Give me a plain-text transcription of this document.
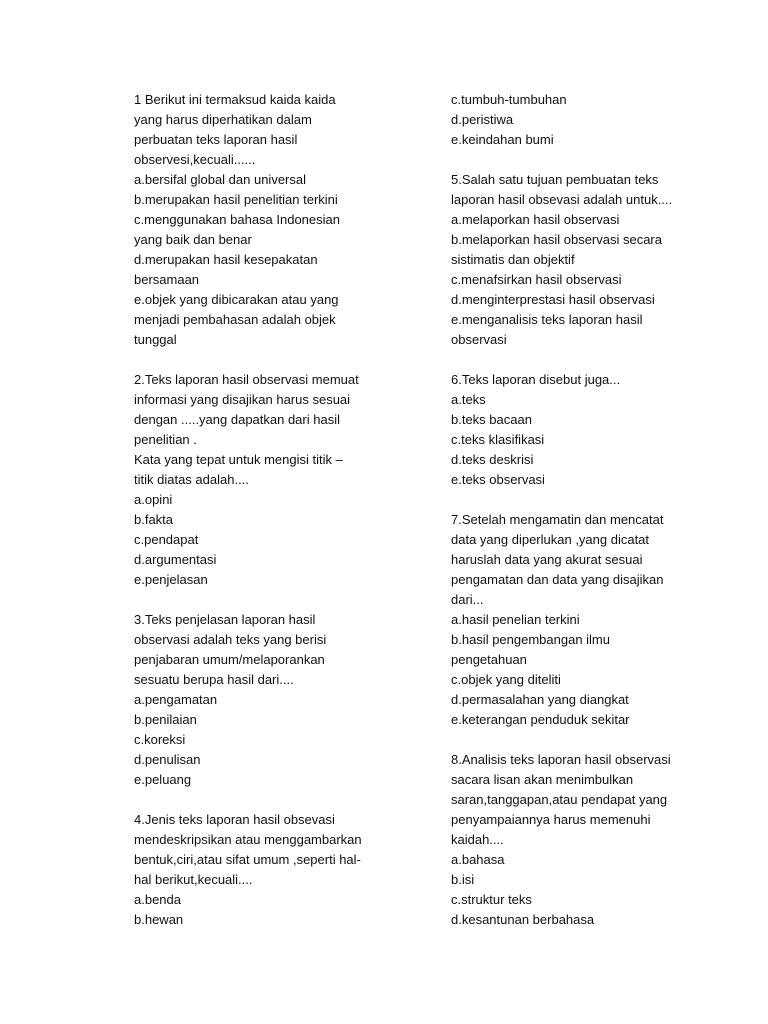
1 Berikut ini termaksud kaida kaida
yang harus diperhatikan dalam
perbuatan teks laporan hasil
observesi,kecuali......
a.bersifal global dan universal
b.merupakan hasil penelitian terkini
c.menggunakan bahasa Indonesian
yang baik dan benar
d.merupakan hasil kesepakatan
bersamaan
e.objek yang dibicarakan atau yang
menjadi pembahasan adalah objek
tunggal
2.Teks laporan hasil observasi memuat
informasi yang disajikan harus sesuai
dengan .....yang dapatkan dari hasil
penelitian .
Kata yang tepat untuk mengisi titik –
titik diatas adalah....
a.opini
b.fakta
c.pendapat
d.argumentasi
e.penjelasan
3.Teks penjelasan laporan hasil
observasi adalah teks yang berisi
penjabaran umum/melaporankan
sesuatu berupa hasil dari....
a.pengamatan
b.penilaian
c.koreksi
d.penulisan
e.peluang
4.Jenis teks laporan hasil obsevasi
mendeskripsikan atau menggambarkan
bentuk,ciri,atau sifat umum ,seperti hal-
hal berikut,kecuali....
a.benda
b.hewan
c.tumbuh-tumbuhan
d.peristiwa
e.keindahan bumi
5.Salah satu tujuan pembuatan teks
laporan hasil obsevasi adalah untuk....
a.melaporkan hasil observasi
b.melaporkan hasil observasi secara
sistimatis dan objektif
c.menafsirkan hasil observasi
d.menginterprestasi hasil observasi
e.menganalisis teks laporan hasil
observasi
6.Teks laporan disebut juga...
a.teks
b.teks bacaan
c.teks klasifikasi
d.teks deskrisi
e.teks observasi
7.Setelah mengamatin dan mencatat
data yang diperlukan ,yang dicatat
haruslah data yang akurat sesuai
pengamatan dan data yang disajikan
dari...
a.hasil penelian terkini
b.hasil pengembangan ilmu
pengetahuan
c.objek yang diteliti
d.permasalahan yang diangkat
e.keterangan penduduk sekitar
8.Analisis teks laporan hasil observasi
sacara lisan akan menimbulkan
saran,tanggapan,atau pendapat yang
penyampaiannya harus memenuhi
kaidah....
a.bahasa
b.isi
c.struktur teks
d.kesantunan berbahasa
